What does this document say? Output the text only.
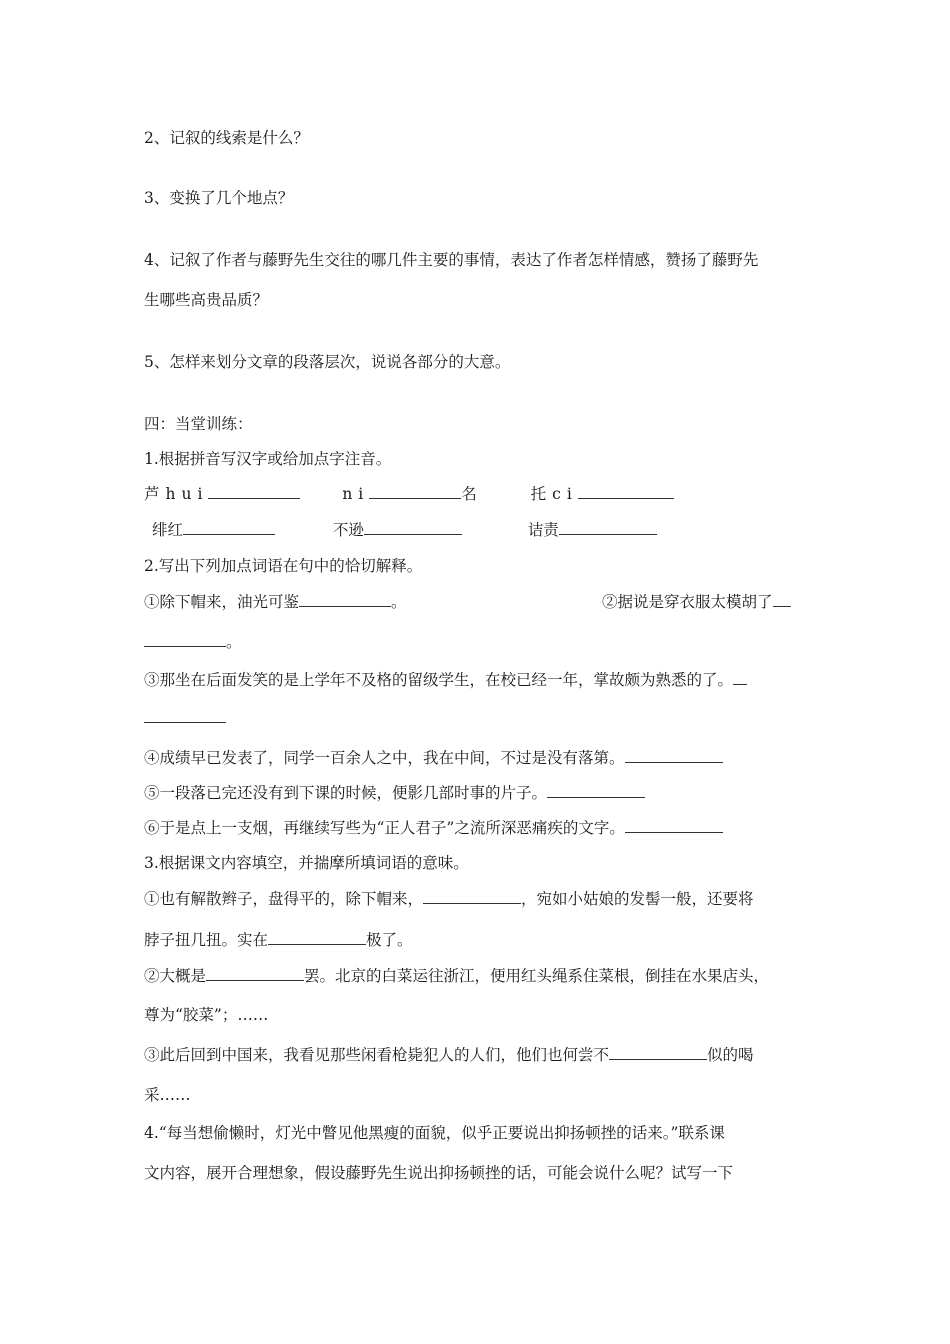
2、记叙的线索是什么？
3、变换了几个地点？
4、记叙了作者与藤野先生交往的哪几件主要的事情，表达了作者怎样情感，赞扬了藤野先
生哪些高贵品质？
5、怎样来划分文章的段落层次，说说各部分的大意。
四：当堂训练：
1.根据拼音写汉字或给加点字注音。
芦hui	ni	名	托ci
绯红	不逊	诘责
2.写出下列加点词语在句中的恰切解释。
①除下帽来，油光可鉴	。	②据说是穿衣服太模胡了
。
③那坐在后面发笑的是上学年不及格的留级学生，在校已经一年，掌故颇为熟悉的了。
④成绩早已发表了，同学一百余人之中，我在中间，不过是没有落第。
⑤一段落已完还没有到下课的时候，便影几部时事的片子。
⑥于是点上一支烟，再继续写些为“正人君子”之流所深恶痛疾的文字。
3.根据课文内容填空，并揣摩所填词语的意味。
①也有解散辫子，盘得平的，除下帽来，	，宛如小姑娘的发髻一般，还要将
脖子扭几扭。实在	极了。
②大概是	罢。北京的白菜运往浙江，便用红头绳系住菜根，倒挂在水果店头，
尊为“胶菜”；……
③此后回到中国来，我看见那些闲看枪毙犯人的人们，他们也何尝不	似的喝
采……
4.“每当想偷懒时，灯光中瞥见他黑瘦的面貌，似乎正要说出抑扬顿挫的话来。”联系课
文内容，展开合理想象，假设藤野先生说出抑扬顿挫的话，可能会说什么呢？试写一下
